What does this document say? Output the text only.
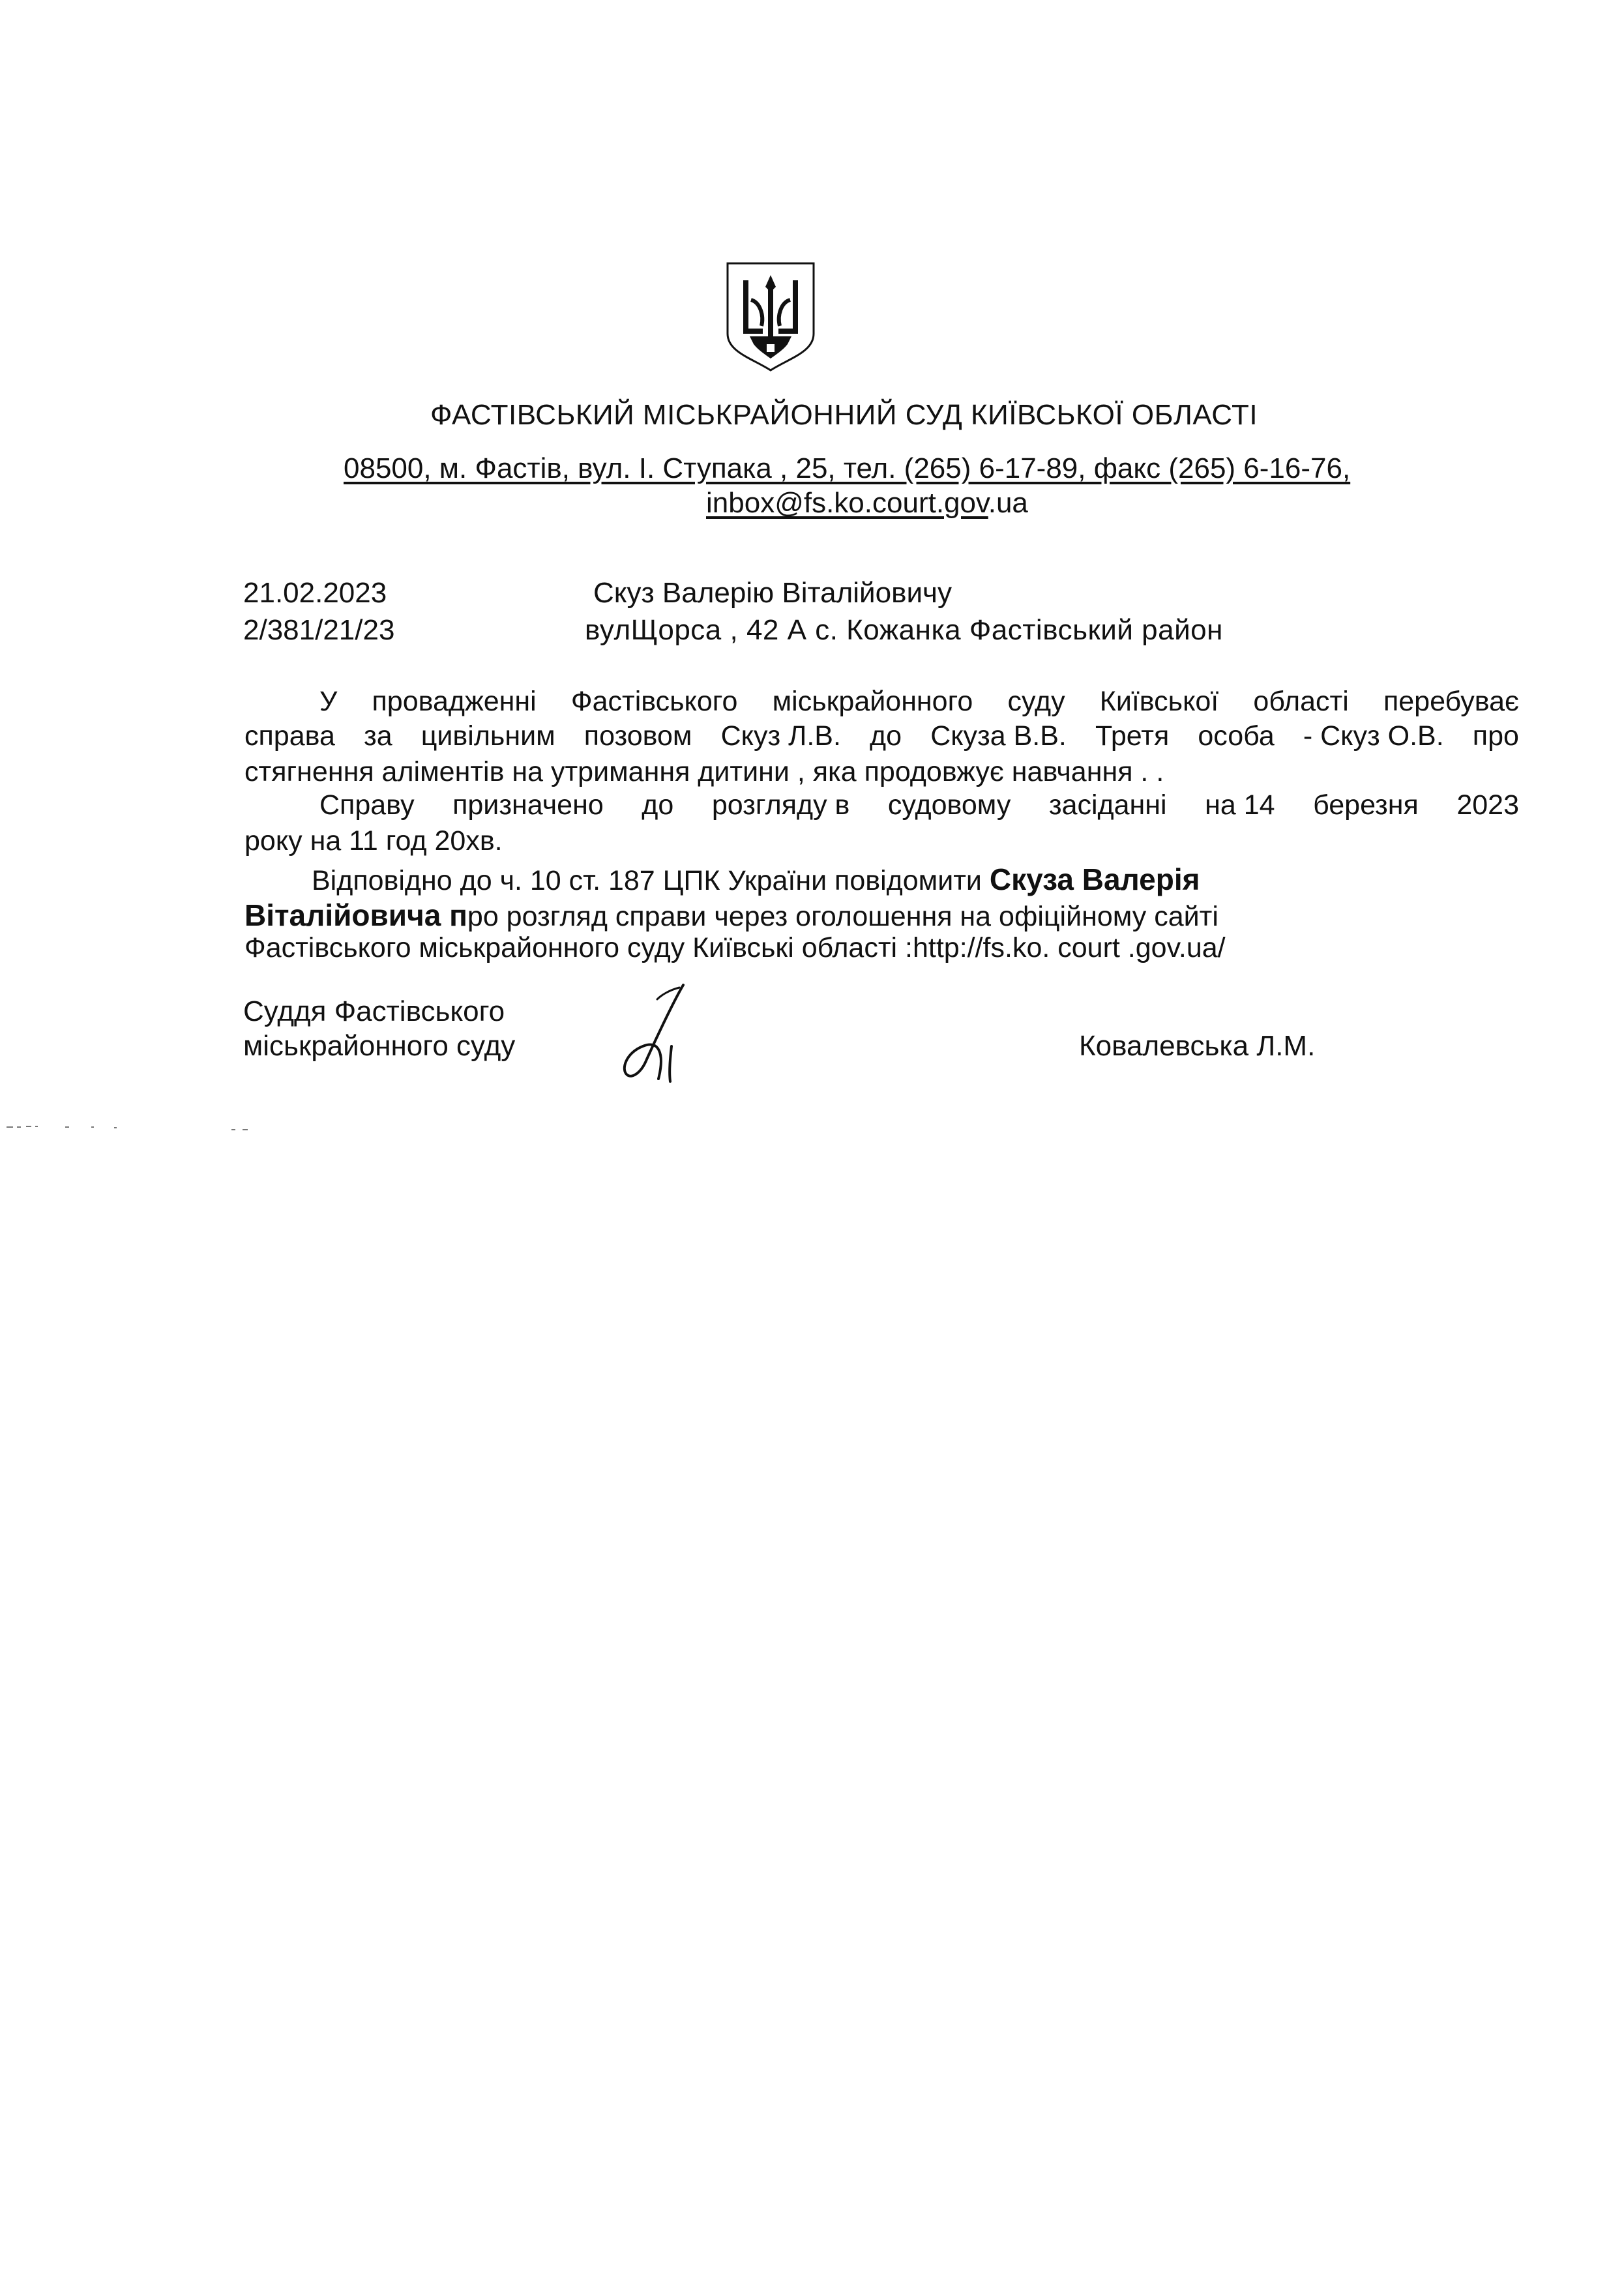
ФАСТІВСЬКИЙ МІСЬКРАЙОННИЙ СУД КИЇВСЬКОЇ ОБЛАСТІ
08500, м. Фастів, вул. І. Ступака , 25, тел. (265) 6-17-89, факс (265) 6-16-76,
inbox@fs.ko.court.gov.ua
21.02.2023
2/381/21/23
Скуз Валерію Віталійовичу
вулЩорса , 42 А с. Кожанка Фастівський район
У провадженні Фастівського міськрайонного суду Київської області перебуває
справа за цивільним позовом Скуз Л.В. до Скуза В.В. Третя особа - Скуз О.В. про
стягнення аліментів на утримання дитини , яка продовжує навчання . .
Справу призначено до розгляду в судовому засіданні на 14 березня 2023
року на 11 год 20хв.
Відповідно до ч. 10 ст. 187 ЦПК України повідомити Скуза Валерія
Віталійовича про розгляд справи через оголошення на офіційному сайті
Фастівського міськрайонного суду Київські області :http://fs.ko. court .gov.ua/
Суддя Фастівського
міськрайонного суду	Ковалевська Л.М.
